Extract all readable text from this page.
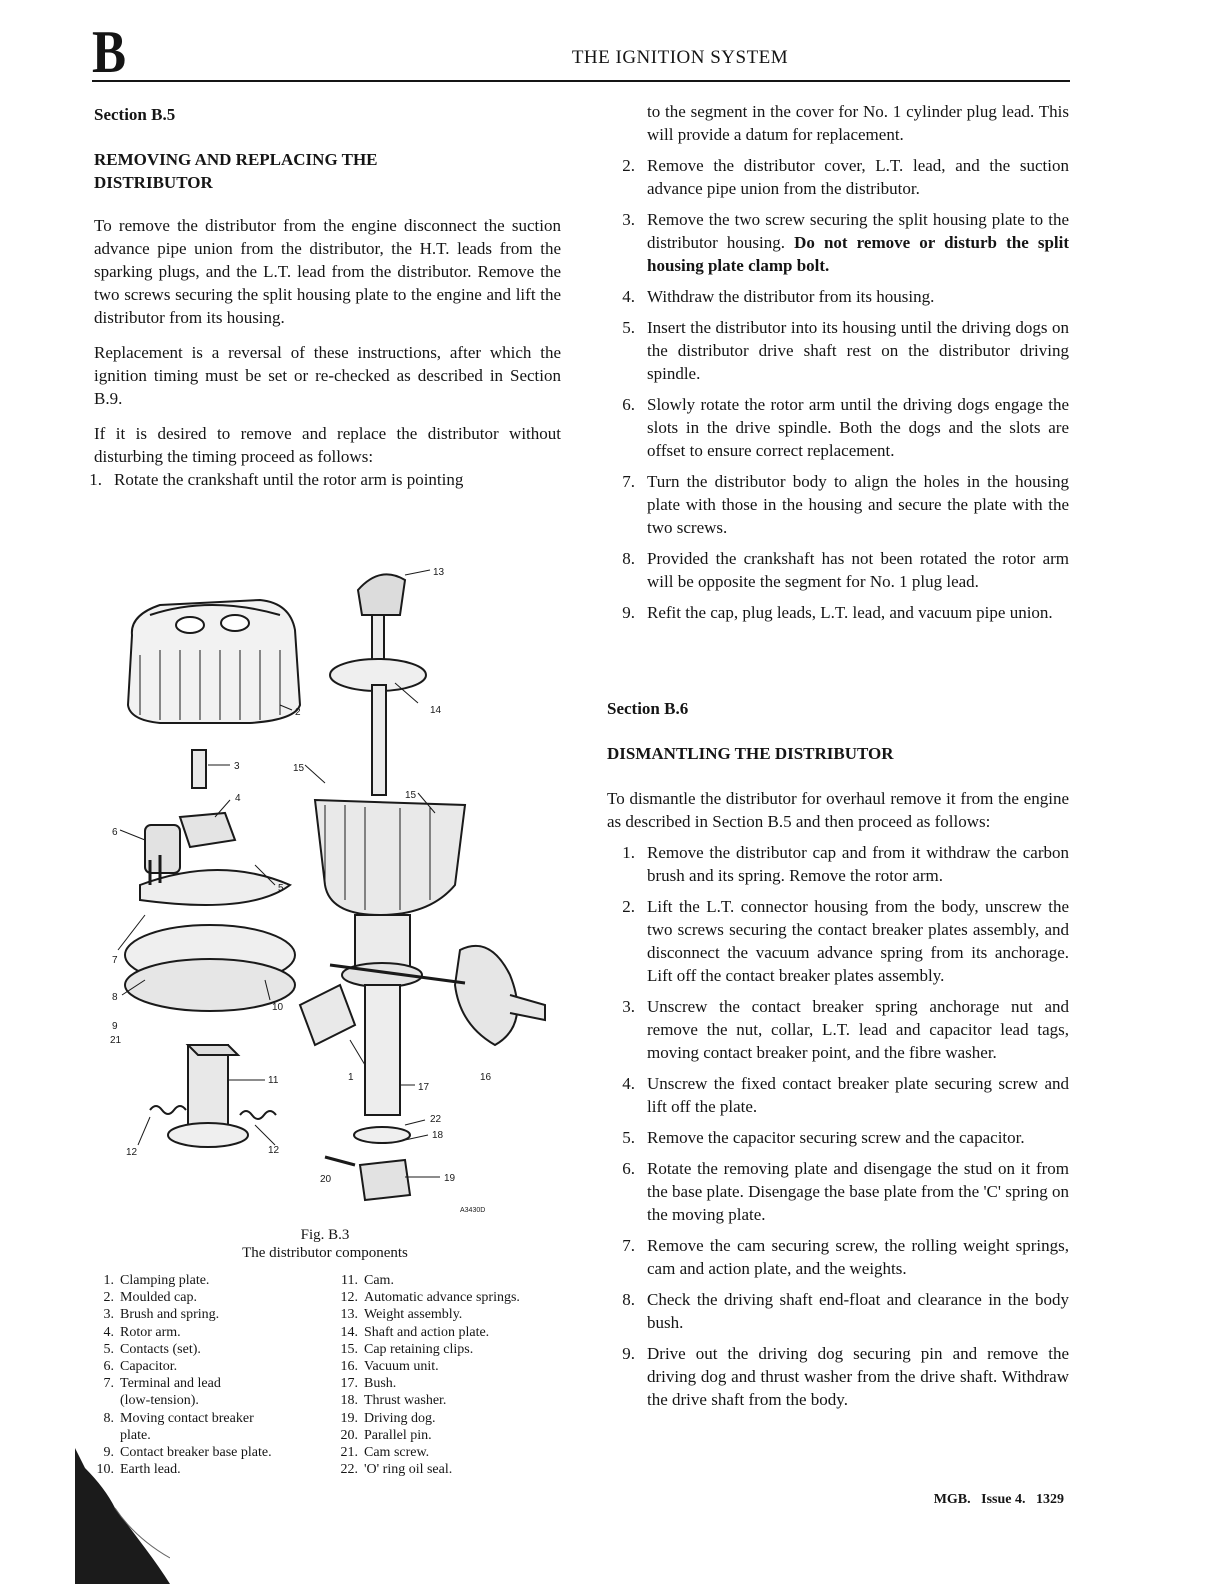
B	THE IGNITION SYSTEM

Section B.5

REMOVING AND REPLACING THE

DISTRIBUTOR

To remove the distributor from the engine disconnect the suction advance pipe union from the distributor, the H.T. leads from the sparking plugs, and the L.T. lead from the distributor. Remove the two screws securing the split housing plate to the engine and lift the distributor from its housing.

Replacement is a reversal of these instructions, after which the ignition timing must be set or re-checked as described in Section B.9.

If it is desired to remove and replace the distributor without disturbing the timing proceed as follows:

1. Rotate the crankshaft until the rotor arm is pointing
13
2	14
3	15
15
4
6
5
7
8
10
9
21
11	1	16
17
22
18
12	12
20	19
A3430D
Fig. B.3
The distributor components
1. Clamping plate.
2. Moulded cap.
3. Brush and spring.
4. Rotor arm.
5. Contacts (set).
6. Capacitor.
7. Terminal and lead
(low-tension).
8. Moving contact breaker
plate.
9. Contact breaker base plate.
10. Earth lead.
11. Cam.
12. Automatic advance springs.
13. Weight assembly.
14. Shaft and action plate.
15. Cap retaining clips.
16. Vacuum unit.
17. Bush.
18. Thrust washer.
19. Driving dog.
20. Parallel pin.
21. Cam screw.
22. 'O' ring oil seal.

to the segment in the cover for No. 1 cylinder plug lead. This will provide a datum for replacement.

2. Remove the distributor cover, L.T. lead, and the suction advance pipe union from the distributor.
3. Remove the two screw securing the split housing plate to the distributor housing. Do not remove or disturb the split housing plate clamp bolt.
4. Withdraw the distributor from its housing.
5. Insert the distributor into its housing until the driving dogs on the distributor drive shaft rest on the distributor driving spindle.
6. Slowly rotate the rotor arm until the driving dogs engage the slots in the drive spindle. Both the dogs and the slots are offset to ensure correct replacement.
7. Turn the distributor body to align the holes in the housing plate with those in the housing and secure the plate with the two screws.
8. Provided the crankshaft has not been rotated the rotor arm will be opposite the segment for No. 1 plug lead.
9. Refit the cap, plug leads, L.T. lead, and vacuum pipe union.

Section B.6

DISMANTLING THE DISTRIBUTOR

To dismantle the distributor for overhaul remove it from the engine as described in Section B.5 and then proceed as follows:

1. Remove the distributor cap and from it withdraw the carbon brush and its spring. Remove the rotor arm.
2. Lift the L.T. connector housing from the body, unscrew the two screws securing the contact breaker plates assembly, and disconnect the vacuum advance spring from its anchorage. Lift off the contact breaker plates assembly.
3. Unscrew the contact breaker spring anchorage nut and remove the nut, collar, L.T. lead and capacitor lead tags, moving contact breaker point, and the fibre washer.
4. Unscrew the fixed contact breaker plate securing screw and lift off the plate.
5. Remove the capacitor securing screw and the capacitor.
6. Rotate the removing plate and disengage the stud on it from the base plate. Disengage the base plate from the 'C' spring on the moving plate.
7. Remove the cam securing screw, the rolling weight springs, cam and action plate, and the weights.
8. Check the driving shaft end-float and clearance in the body bush.
9. Drive out the driving dog securing pin and remove the driving dog and thrust washer from the drive shaft. Withdraw the drive shaft from the body.
MGB. Issue 4. 1329
